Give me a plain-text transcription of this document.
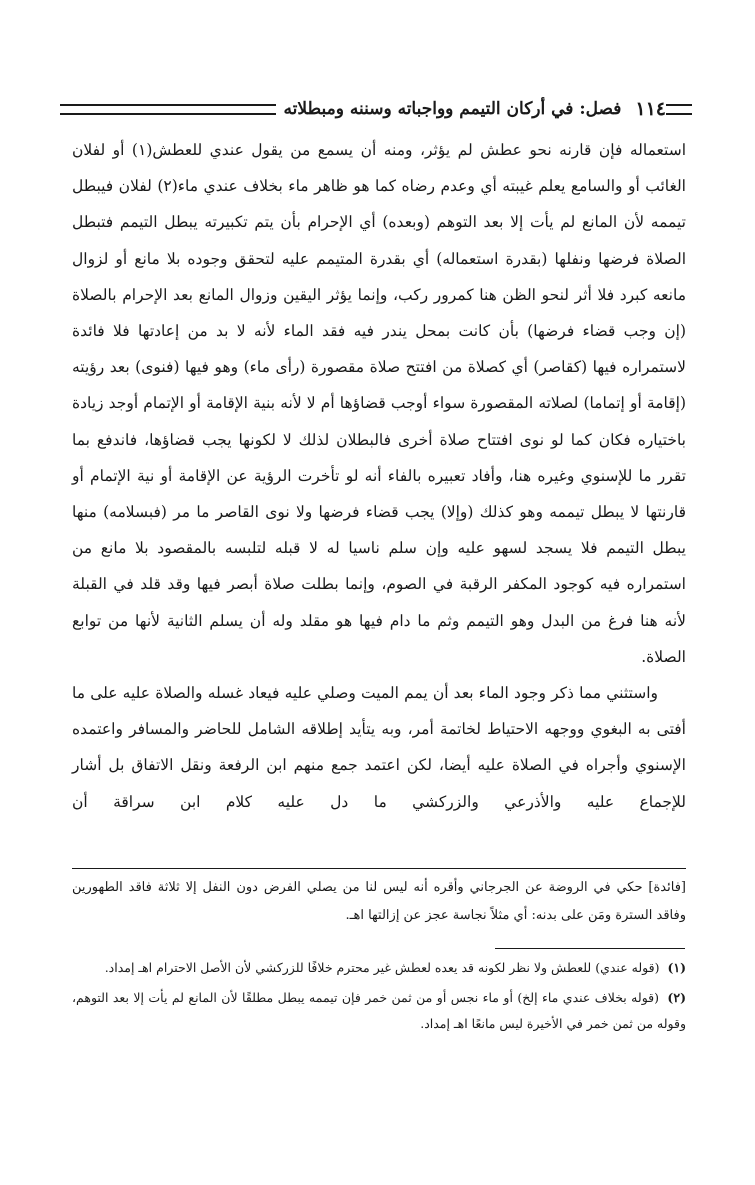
١١٤
فصل: في أركان التيمم وواجباته وسننه ومبطلاته

استعماله فإن قارنه نحو عطش لم يؤثر، ومنه أن يسمع من يقول عندي للعطش(١) أو لفلان الغائب أو والسامع يعلم غيبته أي وعدم رضاه كما هو ظاهر ماء بخلاف عندي ماء(٢) لفلان فيبطل تيممه لأن المانع لم يأت إلا بعد التوهم (وبعده) أي الإحرام بأن يتم تكبيرته يبطل التيمم فتبطل الصلاة فرضها ونفلها (بقدرة استعماله) أي بقدرة المتيمم عليه لتحقق وجوده بلا مانع أو لزوال مانعه كبرد فلا أثر لنحو الظن هنا كمرور ركب، وإنما يؤثر اليقين وزوال المانع بعد الإحرام بالصلاة (إن وجب قضاء فرضها) بأن كانت بمحل يندر فيه فقد الماء لأنه لا بد من إعادتها فلا فائدة لاستمراره فيها (كقاصر) أي كصلاة من افتتح صلاة مقصورة (رأى ماء) وهو فيها (فنوى) بعد رؤيته (إقامة أو إتماما) لصلاته المقصورة سواء أوجب قضاؤها أم لا لأنه بنية الإقامة أو الإتمام أوجد زيادة باختياره فكان كما لو نوى افتتاح صلاة أخرى فالبطلان لذلك لا لكونها يجب قضاؤها، فاندفع بما تقرر ما للإسنوي وغيره هنا، وأفاد تعبيره بالفاء أنه لو تأخرت الرؤية عن الإقامة أو نية الإتمام أو قارنتها لا يبطل تيممه وهو كذلك (وإلا) يجب قضاء فرضها ولا نوى القاصر ما مر (فبسلامه) منها يبطل التيمم فلا يسجد لسهو عليه وإن سلم ناسيا له لا قبله لتلبسه بالمقصود بلا مانع من استمراره فيه كوجود المكفر الرقبة في الصوم، وإنما بطلت صلاة أبصر فيها وقد قلد في القبلة لأنه هنا فرغ من البدل وهو التيمم وثم ما دام فيها هو مقلد وله أن يسلم الثانية لأنها من توابع الصلاة.

واستثني مما ذكر وجود الماء بعد أن يمم الميت وصلي عليه فيعاد غسله والصلاة عليه على ما أفتى به البغوي ووجهه الاحتياط لخاتمة أمر، وبه يتأيد إطلاقه الشامل للحاضر والمسافر واعتمده الإسنوي وأجراه في الصلاة عليه أيضا، لكن اعتمد جمع منهم ابن الرفعة ونقل الاتفاق بل أشار للإجماع عليه والأذرعي والزركشي ما دل عليه كلام ابن سراقة أن

[فائدة] حكي في الروضة عن الجرجاني وأقره أنه ليس لنا من يصلي الفرض دون النفل إلا ثلاثة فاقد الطهورين وفاقد السترة ومَن على بدنه: أي مثلاً نجاسة عجز عن إزالتها اهـ.

(١) (قوله عندي) للعطش ولا نظر لكونه قد يعده لعطش غير محترم خلافًا للزركشي لأن الأصل الاحترام اهـ إمداد.

(٢) (قوله بخلاف عندي ماء إلخ) أو ماء نجس أو من ثمن خمر فإن تيممه يبطل مطلقًا لأن المانع لم يأت إلا بعد التوهم، وقوله من ثمن خمر في الأخيرة ليس مانعًا اهـ إمداد.
